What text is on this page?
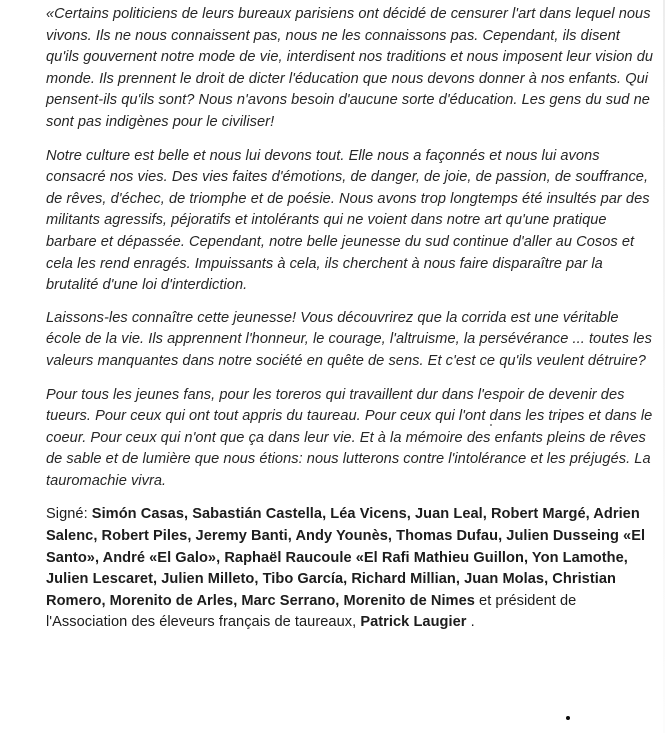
«Certains politiciens de leurs bureaux parisiens ont décidé de censurer l'art dans lequel nous vivons. Ils ne nous connaissent pas, nous ne les connaissons pas. Cependant, ils disent qu'ils gouvernent notre mode de vie, interdisent nos traditions et nous imposent leur vision du monde. Ils prennent le droit de dicter l'éducation que nous devons donner à nos enfants. Qui pensent-ils qu'ils sont? Nous n'avons besoin d'aucune sorte d'éducation. Les gens du sud ne sont pas indigènes pour le civiliser!

Notre culture est belle et nous lui devons tout. Elle nous a façonnés et nous lui avons consacré nos vies. Des vies faites d'émotions, de danger, de joie, de passion, de souffrance, de rêves, d'échec, de triomphe et de poésie. Nous avons trop longtemps été insultés par des militants agressifs, péjoratifs et intolérants qui ne voient dans notre art qu'une pratique barbare et dépassée. Cependant, notre belle jeunesse du sud continue d'aller au Cosos et cela les rend enragés. Impuissants à cela, ils cherchent à nous faire disparaître par la brutalité d'une loi d'interdiction.

Laissons-les connaître cette jeunesse! Vous découvrirez que la corrida est une véritable école de la vie. Ils apprennent l'honneur, le courage, l'altruisme, la persévérance ... toutes les valeurs manquantes dans notre société en quête de sens. Et c'est ce qu'ils veulent détruire?

Pour tous les jeunes fans, pour les toreros qui travaillent dur dans l'espoir de devenir des tueurs. Pour ceux qui ont tout appris du taureau. Pour ceux qui l'ont dans les tripes et dans le coeur. Pour ceux qui n'ont que ça dans leur vie. Et à la mémoire des enfants pleins de rêves de sable et de lumière que nous étions: nous lutterons contre l'intolérance et les préjugés. La tauromachie vivra.

Signé: Simón Casas, Sabastián Castella, Léa Vicens, Juan Leal, Robert Margé, Adrien Salenc, Robert Piles, Jeremy Banti, Andy Younès, Thomas Dufau, Julien Dusseing «El Santo», André «El Galo», Raphaël Raucoule «El Rafi Mathieu Guillon, Yon Lamothe, Julien Lescaret, Julien Milleto, Tibo García, Richard Millian, Juan Molas, Christian Romero, Morenito de Arles, Marc Serrano, Morenito de Nimes et président de l'Association des éleveurs français de taureaux, Patrick Laugier .
